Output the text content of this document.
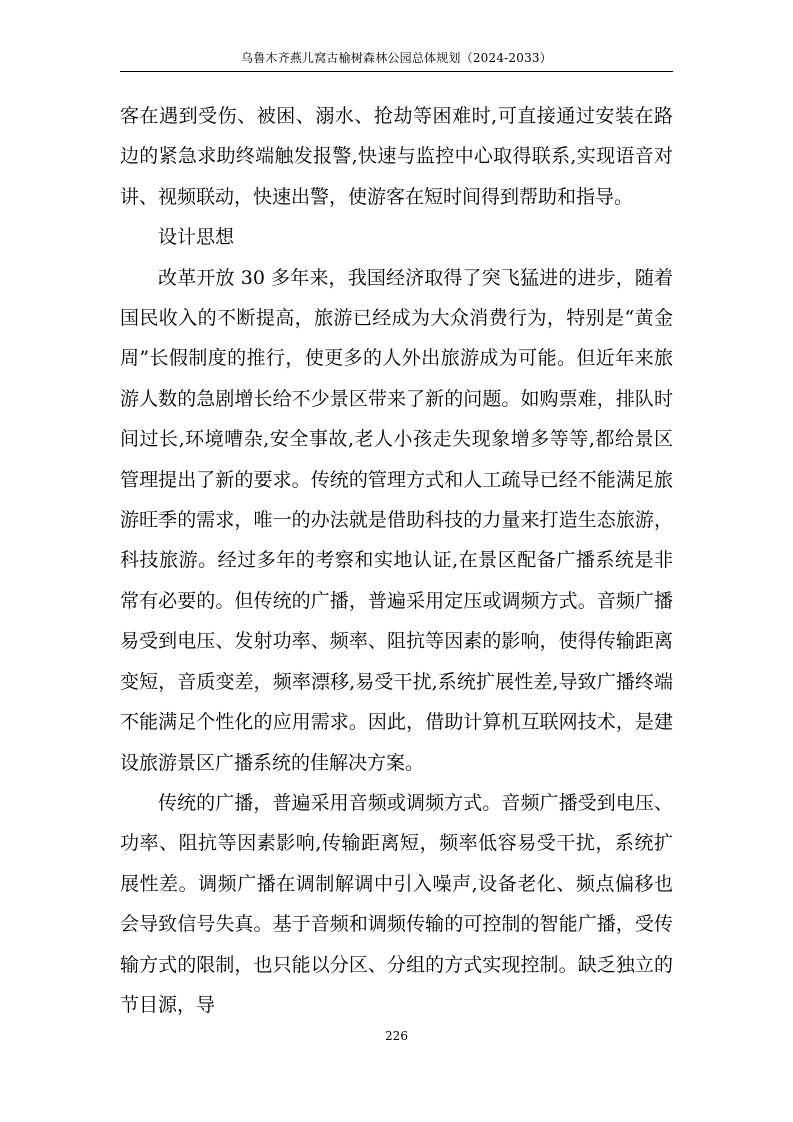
乌鲁木齐燕儿窝古榆树森林公园总体规划（2024-2033）

客在遇到受伤、被困、溺水、抢劫等困难时,可直接通过安装在路边的紧急求助终端触发报警,快速与监控中心取得联系,实现语音对讲、视频联动，快速出警，使游客在短时间得到帮助和指导。

设计思想

改革开放 30 多年来，我国经济取得了突飞猛进的进步，随着国民收入的不断提高，旅游已经成为大众消费行为，特别是“黄金周”长假制度的推行，使更多的人外出旅游成为可能。但近年来旅游人数的急剧增长给不少景区带来了新的问题。如购票难，排队时间过长,环境嘈杂,安全事故,老人小孩走失现象增多等等,都给景区管理提出了新的要求。传统的管理方式和人工疏导已经不能满足旅游旺季的需求，唯一的办法就是借助科技的力量来打造生态旅游，科技旅游。经过多年的考察和实地认证,在景区配备广播系统是非常有必要的。但传统的广播，普遍采用定压或调频方式。音频广播易受到电压、发射功率、频率、阻抗等因素的影响，使得传输距离变短，音质变差，频率漂移,易受干扰,系统扩展性差,导致广播终端不能满足个性化的应用需求。因此，借助计算机互联网技术，是建设旅游景区广播系统的佳解决方案。

传统的广播，普遍采用音频或调频方式。音频广播受到电压、功率、阻抗等因素影响,传输距离短，频率低容易受干扰，系统扩展性差。调频广播在调制解调中引入噪声,设备老化、频点偏移也会导致信号失真。基于音频和调频传输的可控制的智能广播，受传输方式的限制，也只能以分区、分组的方式实现控制。缺乏独立的节目源，导

226
